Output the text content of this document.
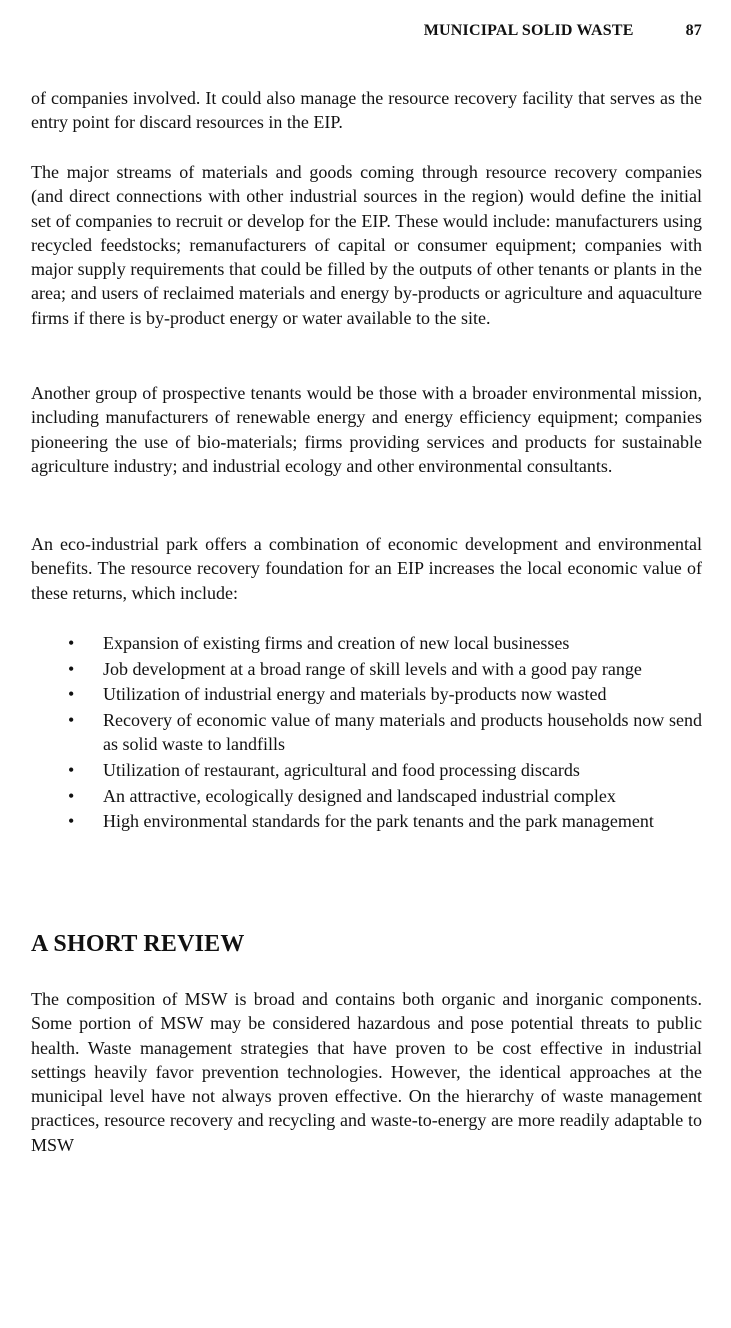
MUNICIPAL SOLID WASTE	87

of companies involved. It could also manage the resource recovery facility that serves as the entry point for discard resources in the EIP.

The major streams of materials and goods coming through resource recovery companies (and direct connections with other industrial sources in the region) would define the initial set of companies to recruit or develop for the EIP. These would include: manufacturers using recycled feedstocks; remanufacturers of capital or consumer equipment; companies with major supply requirements that could be filled by the outputs of other tenants or plants in the area; and users of reclaimed materials and energy by-products or agriculture and aquaculture firms if there is by-product energy or water available to the site.

Another group of prospective tenants would be those with a broader environmental mission, including manufacturers of renewable energy and energy efficiency equipment; companies pioneering the use of bio-materials; firms providing services and products for sustainable agriculture industry; and industrial ecology and other environmental consultants.

An eco-industrial park offers a combination of economic development and environmental benefits. The resource recovery foundation for an EIP increases the local economic value of these returns, which include:

• Expansion of existing firms and creation of new local businesses
• Job development at a broad range of skill levels and with a good pay range
• Utilization of industrial energy and materials by-products now wasted
• Recovery of economic value of many materials and products households now send as solid waste to landfills
• Utilization of restaurant, agricultural and food processing discards
• An attractive, ecologically designed and landscaped industrial complex
• High environmental standards for the park tenants and the park management
A SHORT REVIEW

The composition of MSW is broad and contains both organic and inorganic components. Some portion of MSW may be considered hazardous and pose potential threats to public health. Waste management strategies that have proven to be cost effective in industrial settings heavily favor prevention technologies. However, the identical approaches at the municipal level have not always proven effective. On the hierarchy of waste management practices, resource recovery and recycling and waste-to-energy are more readily adaptable to MSW
